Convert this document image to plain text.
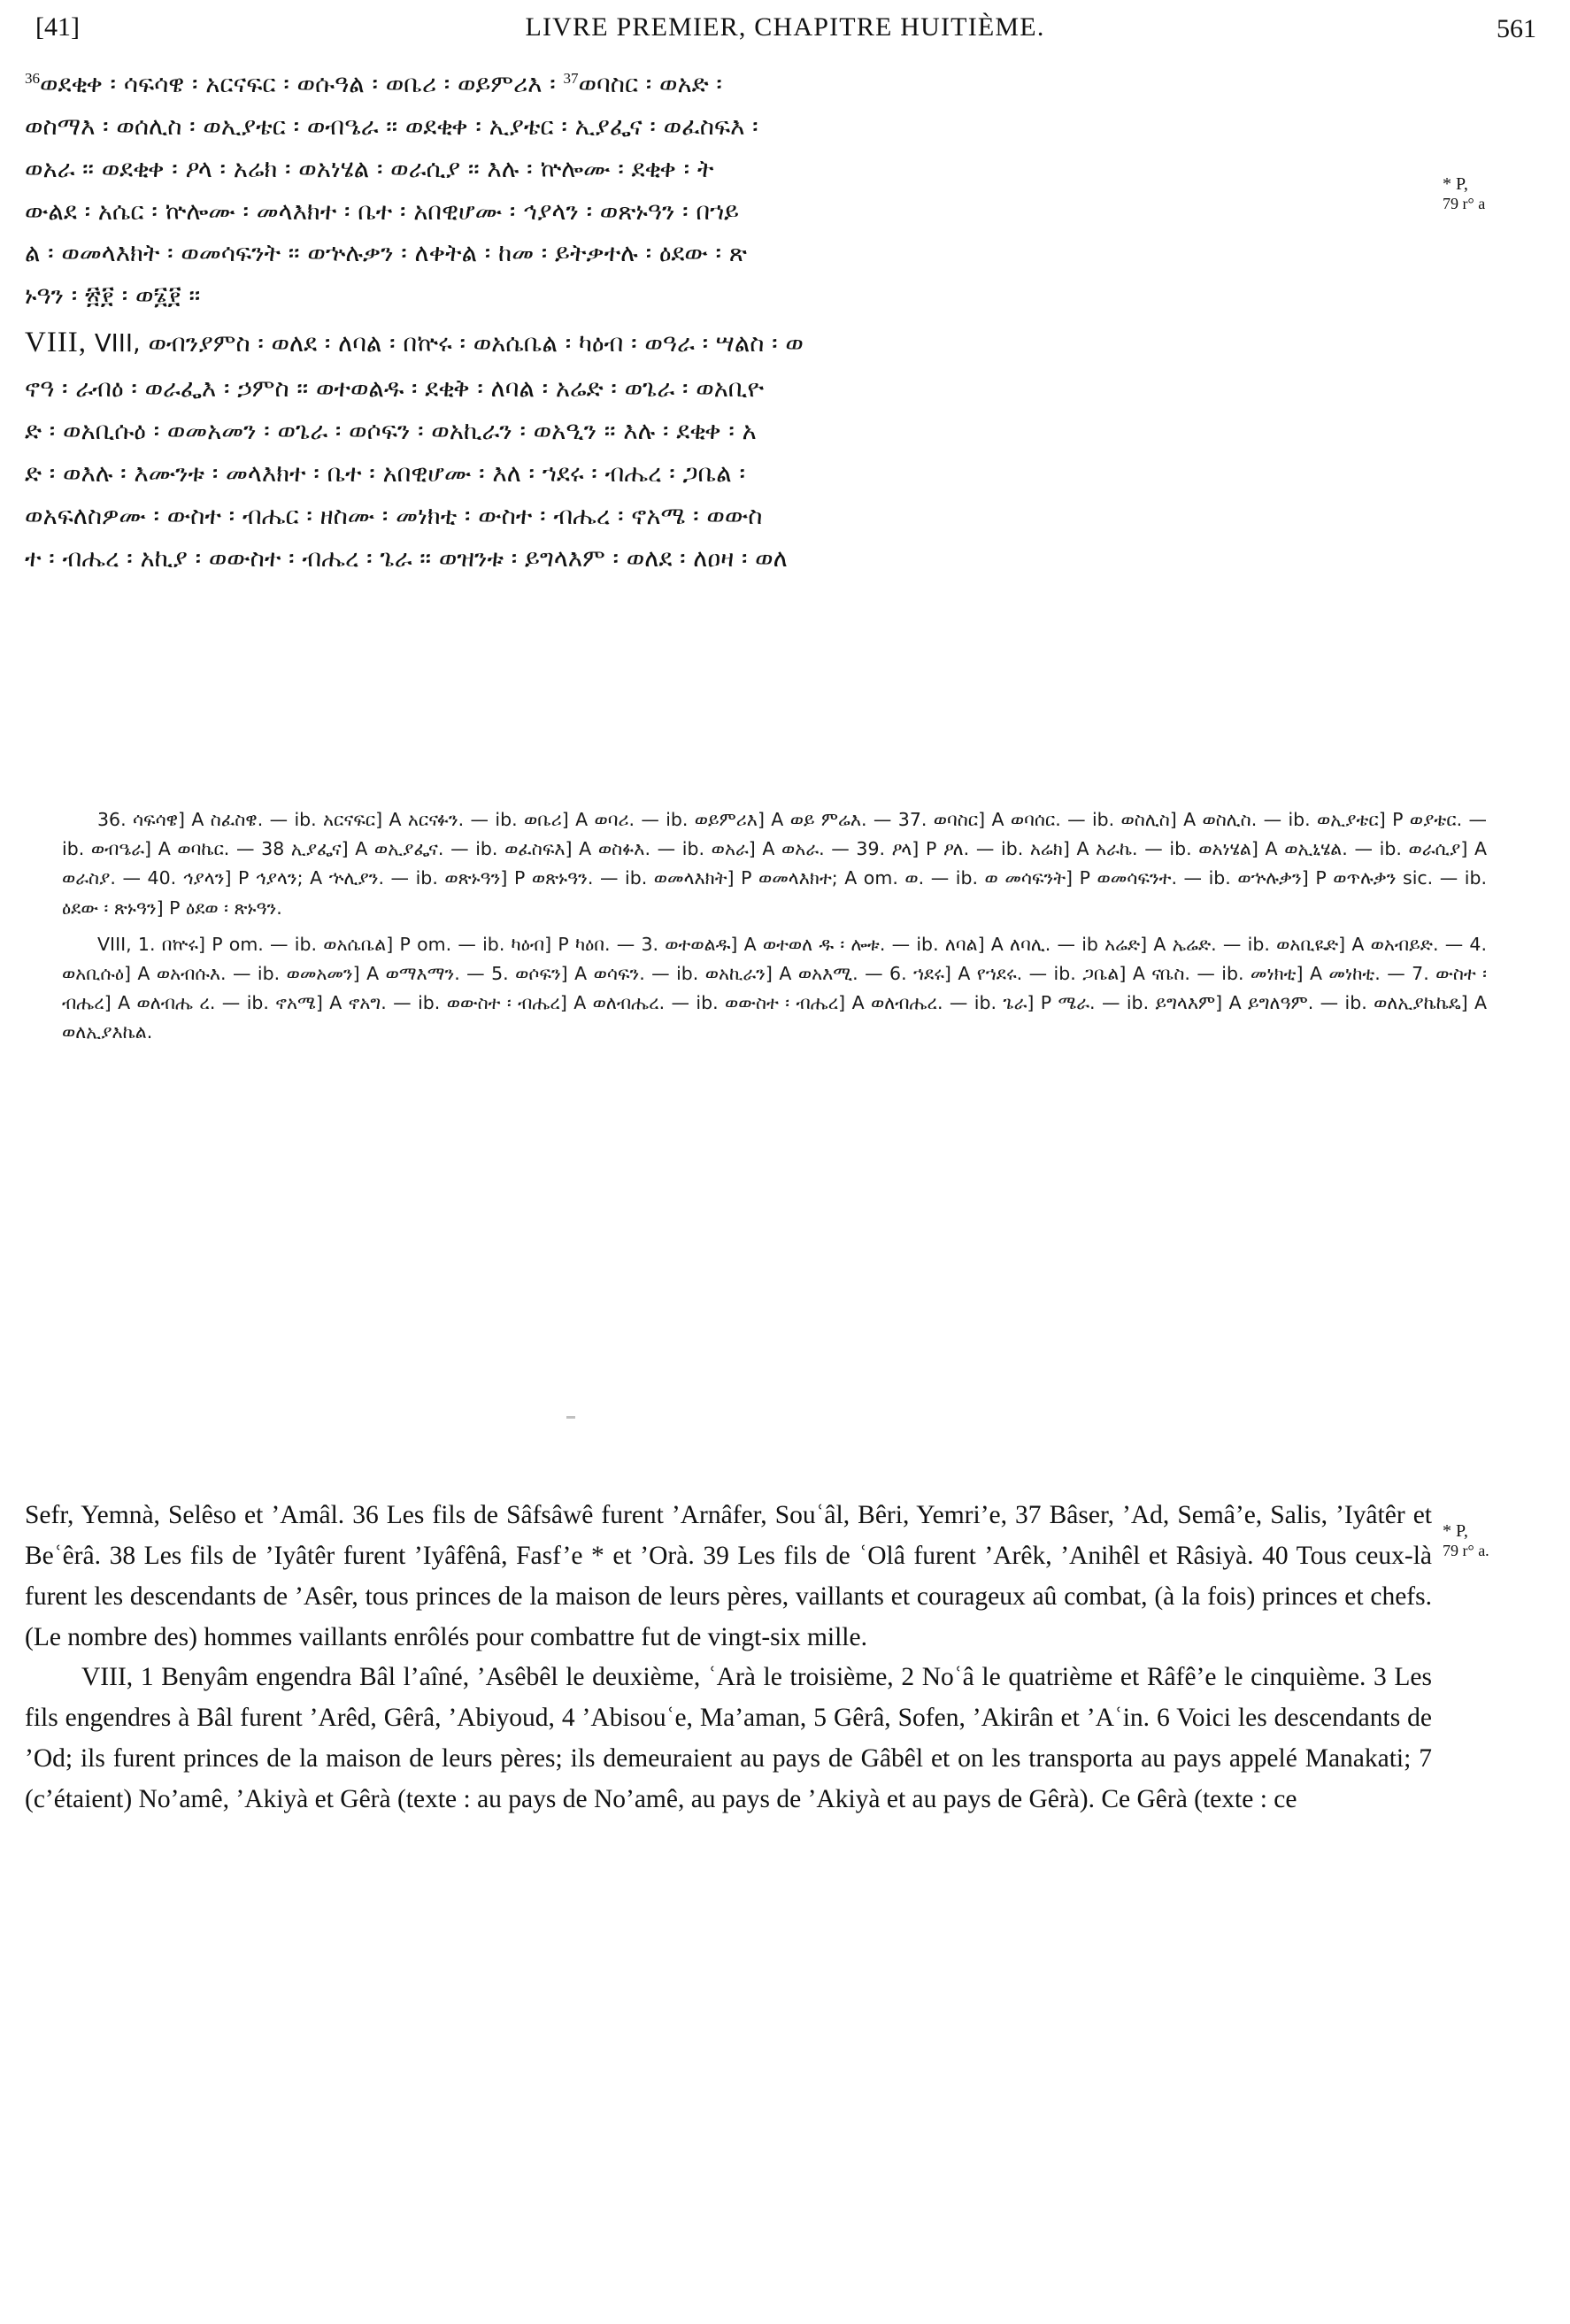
[41]	LIVRE PREMIER, CHAPITRE HUITIÈME.	561
* P,
79 r° a
* P,
79 r° a.
$^{36}$ወደቂቀ ፡ ሳፍሳዌ ፡ አርናፍር ፡ ወሱዓል ፡ ወቤሪ ፡ ወይምሪእ ፡ $^{37}$ወባስር ፡ ወአድ ፡
ወስማእ ፡ ወሰሊስ ፡ ወኢያቴር ፡ ወብዔራ ። ወደቂቀ ፡ ኢያቴር ፡ ኢያፌና ፡ ወፈስፍእ ፡
ወአራ ። ወደቂቀ ፡ ዖላ ፡ አሬክ ፡ ወአነሄል ፡ ወራሲያ ። እሉ ፡ ኵሎሙ ፡ ደቂቀ ፡ ት
ውልደ ፡ አሴር ፡ ኵሎሙ ፡ መላእክተ ፡ ቤተ ፡ አበዊሆሙ ፡ ኅያላን ፡ ወጽኑዓን ፡ በኀይ
ል ፡ ወመላእክት ፡ ወመሳፍንት ። ወኍሉቃን ፡ ለቀትል ፡ ከመ ፡ ይትቃተሉ ፡ ዕደው ፡ ጽ
ኑዓን ፡ ፳፻ ፡ ወ፮፻ ።
VIII, VIII, ወብንያምስ ፡ ወለደ ፡ ለባል ፡ በኵሩ ፡ ወአሴቤል ፡ ካዕብ ፡ ወዓራ ፡ ሣልስ ፡ ወ
ኖዓ ፡ ራብዕ ፡ ወራፌእ ፡ ኃምስ ። ወተወልዱ ፡ ደቂቅ ፡ ለባል ፡ አሬድ ፡ ወጌራ ፡ ወአቢዮ
ድ ፡ ወአቢሱዕ ፡ ወመአመን ፡ ወጌራ ፡ ወሶፍን ፡ ወአኪራን ፡ ወአዒን ። እሉ ፡ ደቂቀ ፡ አ
ድ ፡ ወእሉ ፡ እሙንቱ ፡ መላእክተ ፡ ቤተ ፡ አበዊሆሙ ፡ እለ ፡ ኀደሩ ፡ ብሔረ ፡ ጋቤል ፡
ወአፍለስዎሙ ፡ ውስተ ፡ ብሔር ፡ ዘስሙ ፡ መነክቲ ፡ ውስተ ፡ ብሔረ ፡ ኖአሜ ፡ ወውስ
ተ ፡ ብሔረ ፡ አኪያ ፡ ወውስተ ፡ ብሔረ ፡ ጌራ ። ወዝንቱ ፡ ይግላእም ፡ ወለደ ፡ ለዐዛ ፡ ወለ
36. ሳፍሳዌ] A ስፈስዌ. — ib. አርናፍር] A አርናፉን. — ib. ወቤሪ] A ወባሪ. — ib. ወይምሪእ] A ወይ ምሬእ. — 37. ወባስር] A ወባሰር. — ib. ወስሊስ] A ወስሊስ. — ib. ወኢያቴር] P ወያቴር. — ib. ወብዔራ] A ወባኬር. — 38 ኢያፌና] A ወኢያፌና. — ib. ወፈስፍእ] A ወስፉእ. — ib. ወአራ] A ወአራ. — 39. ዖላ] P ዖለ. — ib. አሬክ] A አራኬ. — ib. ወአነሄል] A ወኢኒሄል. — ib. ወራሲያ] A ወራስያ. — 40. ኅያላን] P ኅያላን; A ኍሊያን. — ib. ወጽኑዓን] P ወጽኑዓን. — ib. ወመላእክት] P ወመላእክተ; A om. ወ. — ib. ወ መሳፍንት] P ወመሳፍንተ. — ib. ወኍሉቃን] P ወጥሉቃን sic. — ib. ዕደው ፡ ጽኑዓን] P ዕደወ ፡ ጽኑዓን.
VIII, 1. በኵሩ] P om. — ib. ወአሴቤል] P om. — ib. ካዕብ] P ካዕበ. — 3. ወተወልዱ] A ወተወለ ዱ ፡ ሎቱ. — ib. ለባል] A ለባሊ. — ib አሬድ] A ኤሬድ. — ib. ወአቢዪድ] A ወአብይድ. — 4. ወአቢሱዕ] A ወአብሱእ. — ib. ወመአመን] A ወማእማን. — 5. ወሶፍን] A ወሳፍን. — ib. ወአኪራን] A ወአእሚ. — 6. ኀደሩ] A የኀደሩ. — ib. ጋቤል] A ናቤስ. — ib. መነክቲ] A መነከቲ. — 7. ውስተ ፡ ብሔረ] A ወለብሔ ረ. — ib. ኖአሜ] A ኖአግ. — ib. ወውስተ ፡ ብሔረ] A ወለብሔረ. — ib. ወውስተ ፡ ብሔረ] A ወለብሔረ. — ib. ጌራ] P ሜራ. — ib. ይግላእም] A ይግለዓም. — ib. ወለኢያኬኬዴ] A ወለኢያእኬል.

Sefr, Yemnà, Selêso et ’Amâl. 36 Les fils de Sâfsâwê furent ’Arnâfer, Souʿâl, Bêri, Yemri’e, 37 Bâser, ’Ad, Semâ’e, Salis, ’Iyâtêr et Beʿêrâ. 38 Les fils de ’Iyâtêr furent ’Iyâfênâ, Fasf’e * et ’Orà. 39 Les fils de ʿOlâ furent ’Arêk, ’Anihêl et Râsiyà. 40 Tous ceux-là furent les descendants de ’Asêr, tous princes de la maison de leurs pères, vaillants et courageux aû combat, (à la fois) princes et chefs. (Le nombre des) hommes vaillants enrôlés pour combattre fut de vingt-six mille.

VIII, 1 Benyâm engendra Bâl l’aîné, ’Asêbêl le deuxième, ʿArà le troisième, 2 Noʿâ le quatrième et Râfê’e le cinquième. 3 Les fils engendres à Bâl furent ’Arêd, Gêrâ, ’Abiyoud, 4 ’Abisouʿe, Ma’aman, 5 Gêrâ, Sofen, ’Akirân et ’Aʿin. 6 Voici les descendants de ’Od; ils furent princes de la maison de leurs pères; ils demeuraient au pays de Gâbêl et on les transporta au pays appelé Manakati; 7 (c’étaient) No’amê, ’Akiyà et Gêrà (texte : au pays de No’amê, au pays de ’Akiyà et au pays de Gêrà). Ce Gêrà (texte : ce
